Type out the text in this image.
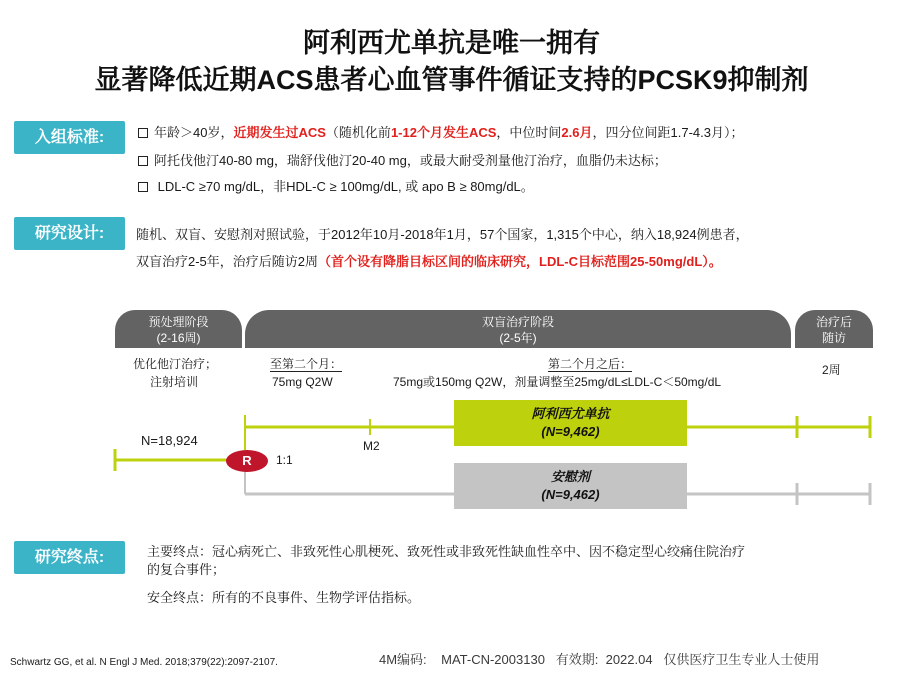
阿利西尤单抗是唯一拥有
显著降低近期ACS患者心血管事件循证支持的PCSK9抑制剂
入组标准:	年龄＞40岁，近期发生过ACS（随机化前1-12个月发生ACS，中位时间2.6月，四分位间距1.7-4.3月）；
阿托伐他汀40-80 mg，瑞舒伐他汀20-40 mg，或最大耐受剂量他汀治疗，血脂仍未达标；
LDL-C ≥70 mg/dL，非HDL-C ≥ 100mg/dL, 或 apo B ≥ 80mg/dL。
研究设计:	随机、双盲、安慰剂对照试验，于2012年10月-2018年1月，57个国家，1,315个中心，纳入18,924例患者，
双盲治疗2-5年，治疗后随访2周（首个设有降脂目标区间的临床研究，LDL-C目标范围25-50mg/dL）。
预处理阶段
(2-16周)
双盲治疗阶段
(2-5年)
治疗后
随访
优化他汀治疗；
注射培训
至第二个月：
75mg Q2W
第二个月之后：
75mg或150mg Q2W，剂量调整至25mg/dL≤LDL-C＜50mg/dL
2周
N=18,924
R	1:1
M2
阿利西尤单抗
(N=9,462)
安慰剂
(N=9,462)
研究终点:	主要终点：冠心病死亡、非致死性心肌梗死、致死性或非致死性缺血性卒中、因不稳定型心绞痛住院治疗
的复合事件；
安全终点：所有的不良事件、生物学评估指标。
Schwartz GG, et al. N Engl J Med. 2018;379(22):2097-2107.	4M编码:    MAT-CN-2003130   有效期:  2022.04   仅供医疗卫生专业人士使用
